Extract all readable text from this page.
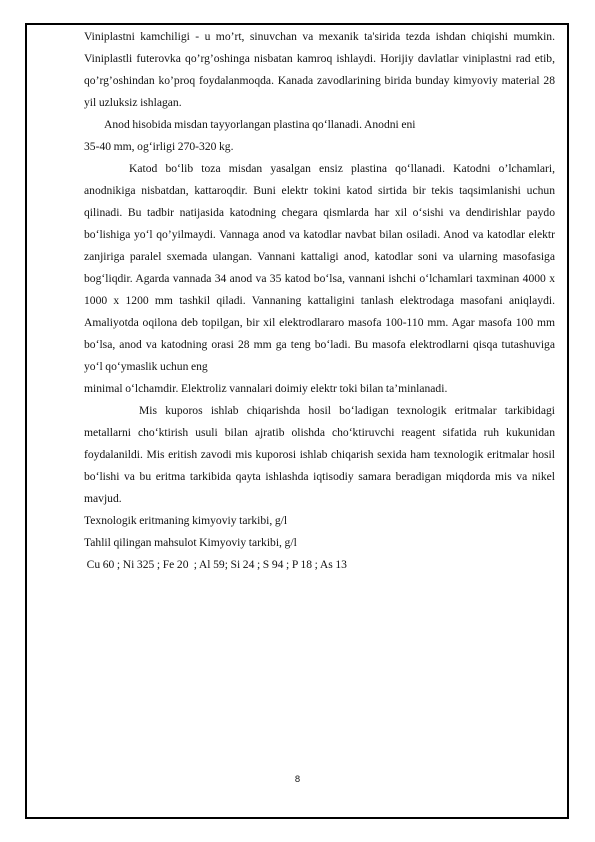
Viniplastni kamchiligi - u mo’rt, sinuvchan va mexanik ta'sirida tezda ishdan chiqishi mumkin. Viniplastli futerovka qo’rg’oshinga nisbatan kamroq ishlaydi. Horijiy davlatlar viniplastni rad etib, qo’rg’oshindan ko’proq foydalanmoqda. Kanada zavodlarining birida bunday kimyoviy material 28 yil uzluksiz ishlagan.

Anod hisobida misdan tayyorlangan plastina qo‘llanadi. Anodni eni

35-40 mm, og‘irligi 270-320 kg.

Katod bo‘lib toza misdan yasalgan ensiz plastina qo‘llanadi. Katodni o’lchamlari, anodnikiga nisbatdan, kattaroqdir. Buni elektr tokini katod sirtida bir tekis taqsimlanishi uchun qilinadi. Bu tadbir natijasida katodning chegara qismlarda har xil o‘sishi va dendirishlar paydo bo‘lishiga yo‘l qo’yilmaydi. Vannaga anod va katodlar navbat bilan osiladi. Anod va katodlar elektr zanjiriga paralel sxemada ulangan. Vannani kattaligi anod, katodlar soni va ularning masofasiga bog‘liqdir. Agarda vannada 34 anod va 35 katod bo‘lsa, vannani ishchi o‘lchamlari taxminan 4000 x 1000 x 1200 mm tashkil qiladi. Vannaning kattaligini tanlash elektrodaga masofani aniqlaydi. Amaliyotda oqilona deb topilgan, bir xil elektrodlararo masofa 100-110 mm. Agar masofa 100 mm bo‘lsa, anod va katodning orasi 28 mm ga teng bo‘ladi. Bu masofa elektrodlarni qisqa tutashuviga yo‘l qo‘ymaslik uchun eng

minimal o‘lchamdir. Elektroliz vannalari doimiy elektr toki bilan ta’minlanadi.

Mis kuporos ishlab chiqarishda hosil bo‘ladigan texnologik eritmalar tarkibidagi metallarni cho‘ktirish usuli bilan ajratib olishda cho‘ktiruvchi reagent sifatida ruh kukunidan foydalanildi. Mis eritish zavodi mis kuporosi ishlab chiqarish sexida ham texnologik eritmalar hosil bo‘lishi va bu eritma tarkibida qayta ishlashda iqtisodiy samara beradigan miqdorda mis va nikel mavjud.

Texnologik eritmaning kimyoviy tarkibi, g/l

Tahlil qilingan mahsulot Kimyoviy tarkibi, g/l

Cu 60 ; Ni 325 ; Fe 20  ; Al 59; Si 24 ; S 94 ; P 18 ; As 13

8
